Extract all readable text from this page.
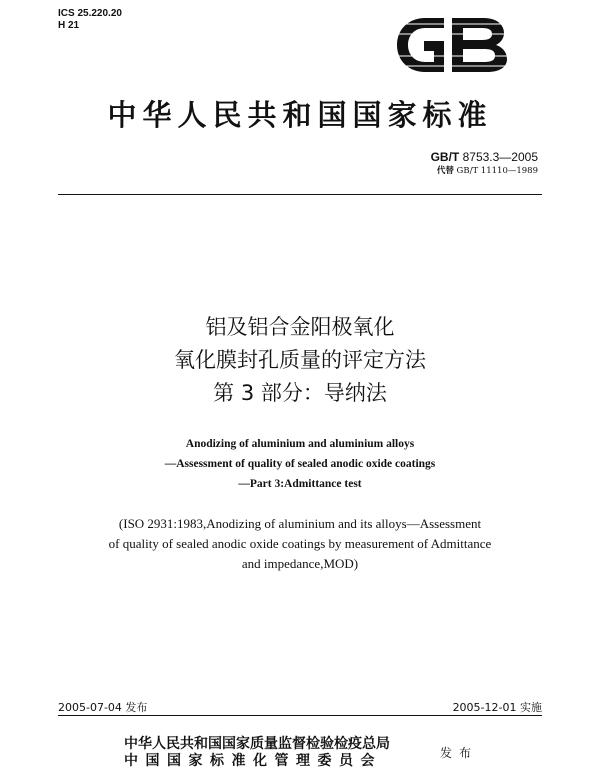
ICS 25.220.20
H 21
中华人民共和国国家标准
GB/T 8753.3—2005
代替 GB/T 11110—1989
铝及铝合金阳极氧化
氧化膜封孔质量的评定方法
第 3 部分：导纳法
Anodizing of aluminium and aluminium alloys
—Assessment of quality of sealed anodic oxide coatings
—Part 3:Admittance test
(ISO 2931:1983,Anodizing of aluminium and its alloys—Assessment
of quality of sealed anodic oxide coatings by measurement of Admittance
and impedance,MOD)
2005-07-04 发布	2005-12-01 实施
中华人民共和国国家质量监督检验检疫总局
中国国家标准化管理委员会	发布
